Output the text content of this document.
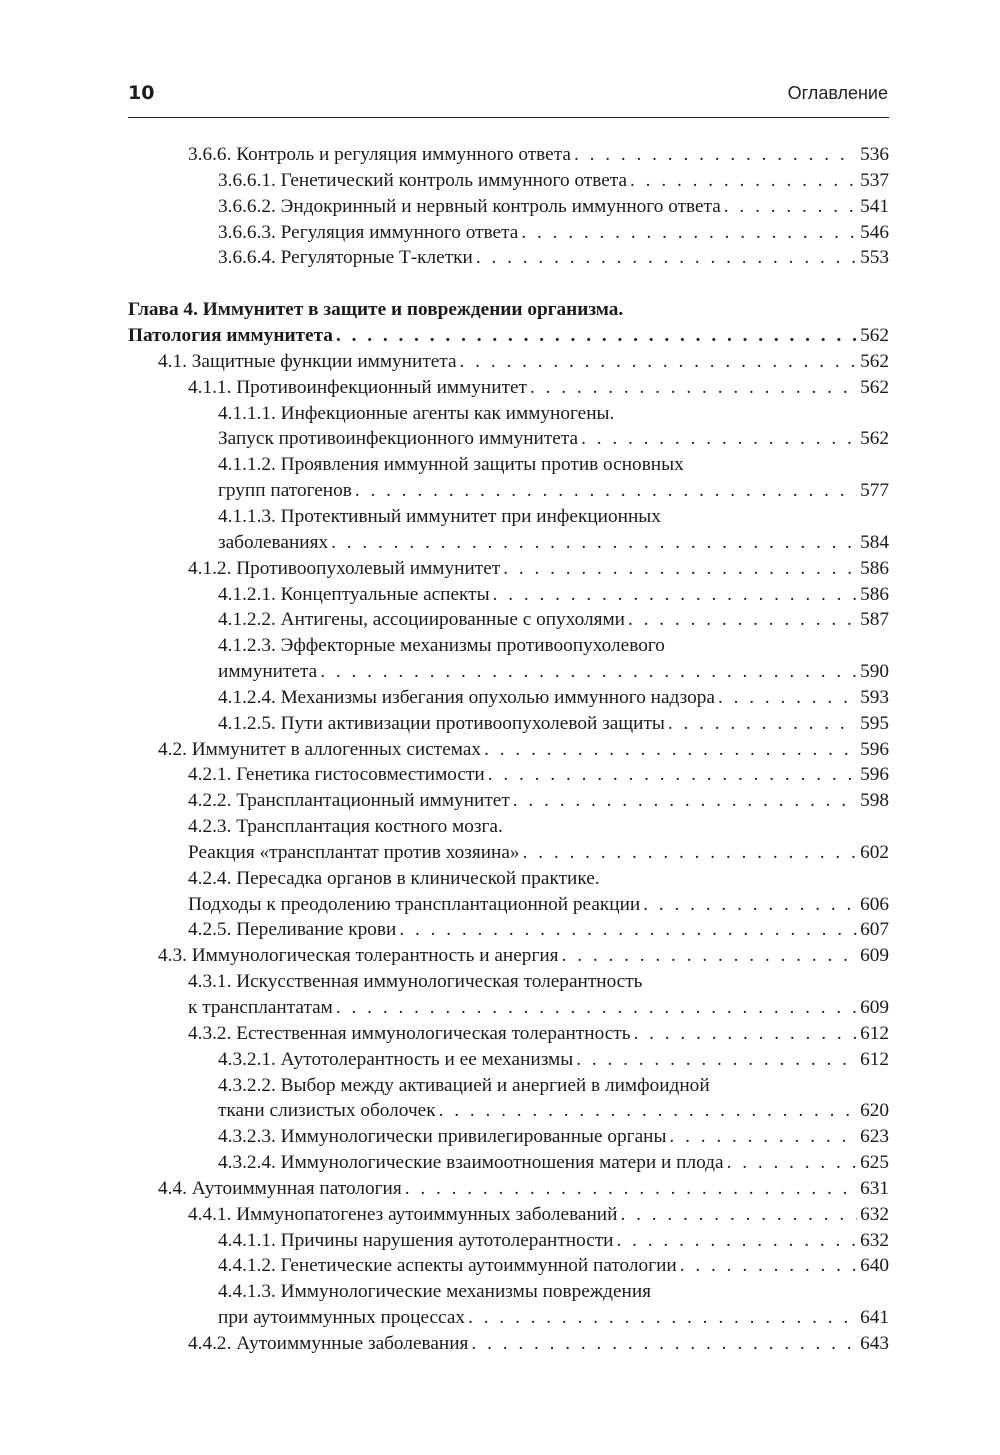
10	Оглавление
3.6.6. Контроль и регуляция иммунного ответа . . .	536
3.6.6.1. Генетический контроль иммунного ответа . . .	537
3.6.6.2. Эндокринный и нервный контроль иммунного ответа . . .	541
3.6.6.3. Регуляция иммунного ответа . . .	546
3.6.6.4. Регуляторные Т-клетки . . .	553
Глава 4. Иммунитет в защите и повреждении организма.
Патология иммунитета . . .	562
4.1. Защитные функции иммунитета . . .	562
4.1.1. Противоинфекционный иммунитет . . .	562
4.1.1.1. Инфекционные агенты как иммуногены.
Запуск противоинфекционного иммунитета . . .	562
4.1.1.2. Проявления иммунной защиты против основных
групп патогенов . . .	577
4.1.1.3. Протективный иммунитет при инфекционных
заболеваниях . . .	584
4.1.2. Противоопухолевый иммунитет . . .	586
4.1.2.1. Концептуальные аспекты . . .	586
4.1.2.2. Антигены, ассоциированные с опухолями . . .	587
4.1.2.3. Эффекторные механизмы противоопухолевого
иммунитета . . .	590
4.1.2.4. Механизмы избегания опухолью иммунного надзора . . .	593
4.1.2.5. Пути активизации противоопухолевой защиты . . .	595
4.2. Иммунитет в аллогенных системах . . .	596
4.2.1. Генетика гистосовместимости . . .	596
4.2.2. Трансплантационный иммунитет . . .	598
4.2.3. Трансплантация костного мозга.
Реакция «трансплантат против хозяина» . . .	602
4.2.4. Пересадка органов в клинической практике.
Подходы к преодолению трансплантационной реакции . . .	606
4.2.5. Переливание крови . . .	607
4.3. Иммунологическая толерантность и анергия . . .	609
4.3.1. Искусственная иммунологическая толерантность
к трансплантатам . . .	609
4.3.2. Естественная иммунологическая толерантность . . .	612
4.3.2.1. Аутотолерантность и ее механизмы . . .	612
4.3.2.2. Выбор между активацией и анергией в лимфоидной
ткани слизистых оболочек . . .	620
4.3.2.3. Иммунологически привилегированные органы . . .	623
4.3.2.4. Иммунологические взаимоотношения матери и плода . . .	625
4.4. Аутоиммунная патология . . .	631
4.4.1. Иммунопатогенез аутоиммунных заболеваний . . .	632
4.4.1.1. Причины нарушения аутотолерантности . . .	632
4.4.1.2. Генетические аспекты аутоиммунной патологии . . .	640
4.4.1.3. Иммунологические механизмы повреждения
при аутоиммунных процессах . . .	641
4.4.2. Аутоиммунные заболевания . . .	643
